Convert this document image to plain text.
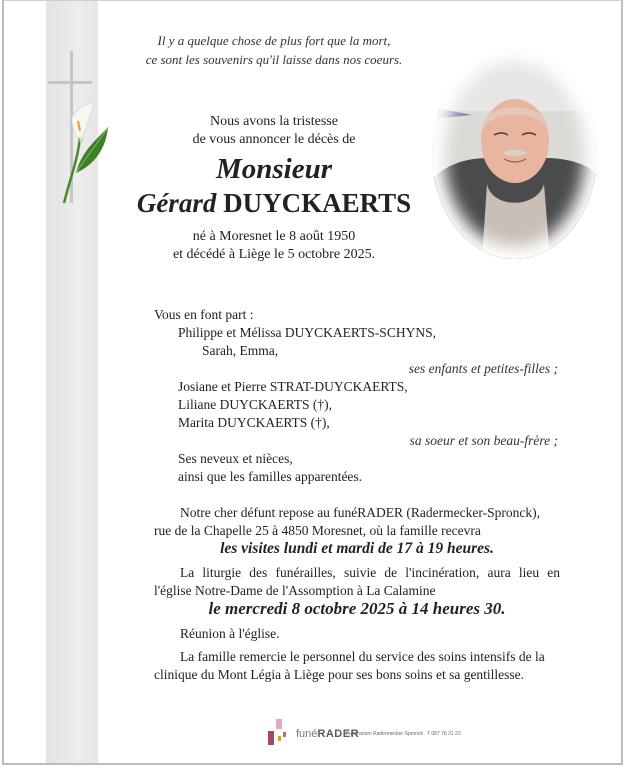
Il y a quelque chose de plus fort que la mort,
ce sont les souvenirs qu'il laisse dans nos coeurs.
Nous avons la tristesse
de vous annoncer le décès de
Monsieur
Gérard DUYCKAERTS
né à Moresnet le 8 août 1950
et décédé à Liège le 5 octobre 2025.
Vous en font part :
Philippe et Mélissa DUYCKAERTS-SCHYNS,
Sarah, Emma,
ses enfants et petites-filles ;
Josiane et Pierre STRAT-DUYCKAERTS,
Liliane DUYCKAERTS (†),
Marita DUYCKAERTS (†),
sa soeur et son beau-frère ;
Ses neveux et nièces,
ainsi que les familles apparentées.
Notre cher défunt repose au funéRADER (Radermecker-Spronck),
rue de la Chapelle 25 à 4850 Moresnet, où la famille recevra
les visites lundi et mardi de 17 à 19 heures.
La liturgie des funérailles, suivie de l'incinération, aura lieu en
l'église Notre-Dame de l'Assomption à La Calamine
le mercredi 8 octobre 2025 à 14 heures 30.
Réunion à l'église.
La famille remercie le personnel du service des soins intensifs de la
clinique du Mont Légia à Liège pour ses bons soins et sa gentillesse.
funéRADER
Funérarium Radermecker-Spronck . T 087 76 21 23
